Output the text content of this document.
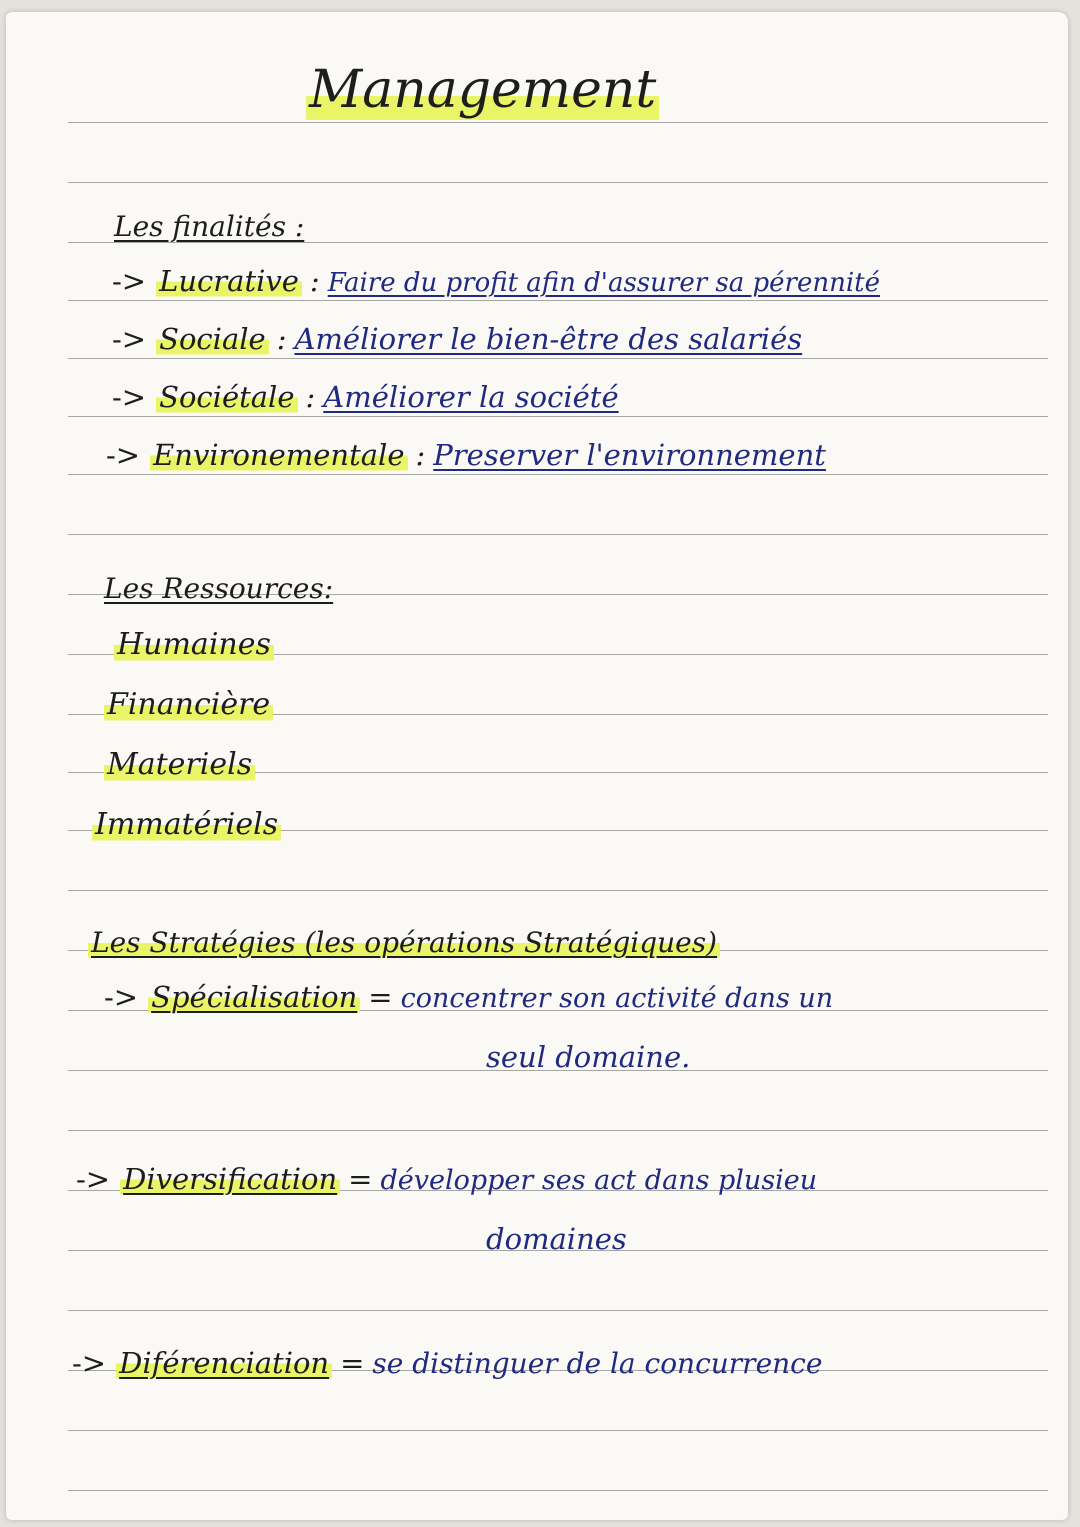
Management
Les finalités :
-> Lucrative : Faire du profit afin d'assurer sa pérennité
-> Sociale : Améliorer le bien-être des salariés
-> Sociétale : Améliorer la société
-> Environementale : Preserver l'environnement
Les Ressources:
Humaines
Financière
Materiels
Immatériels
Les Stratégies (les opérations Stratégiques)
-> Spécialisation = concentrer son activité dans un
seul domaine.
-> Diversification = développer ses act dans plusieu
domaines
-> Diférenciation = se distinguer de la concurrence
